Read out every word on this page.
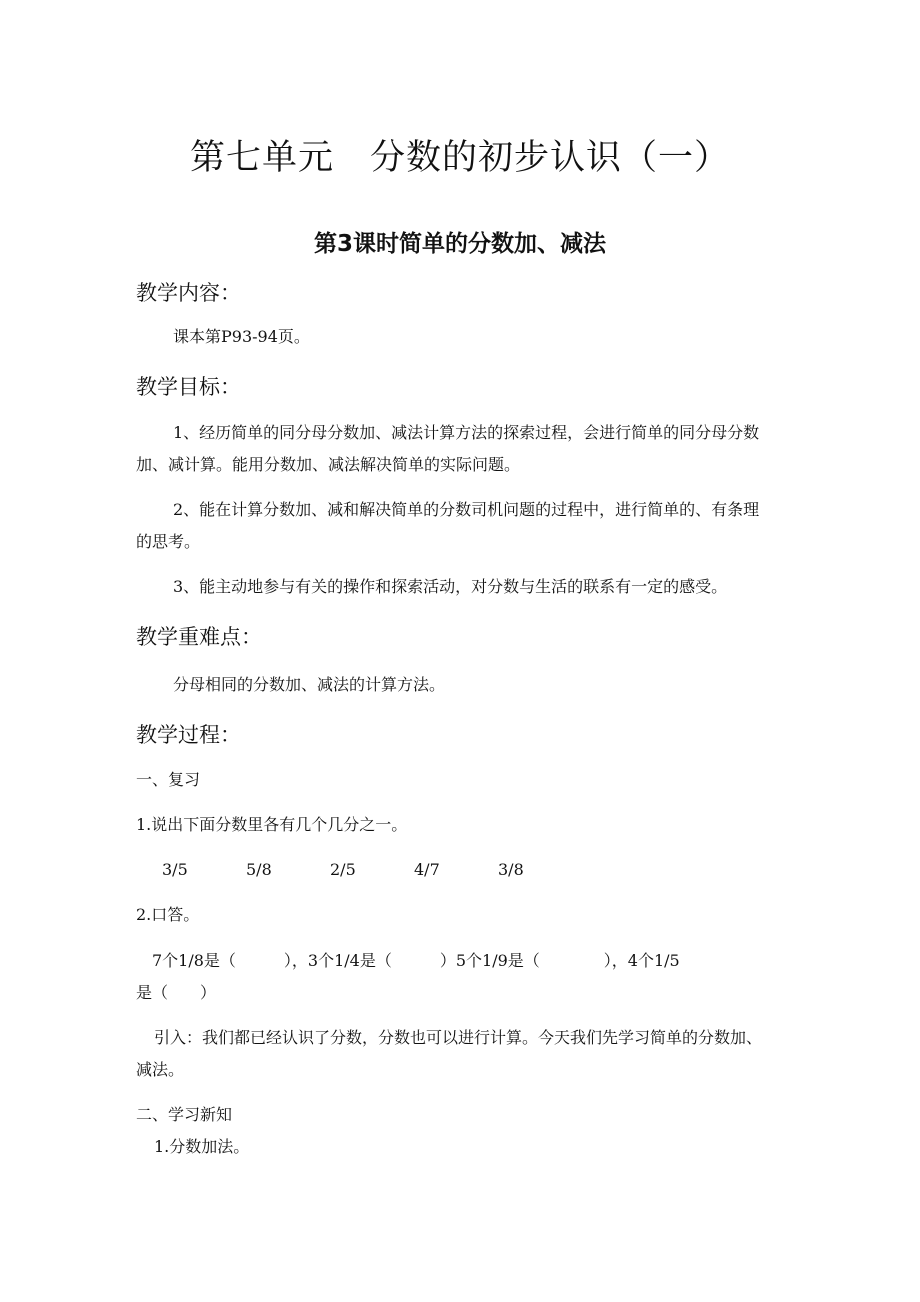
第七单元　分数的初步认识（一）
第3课时简单的分数加、减法
教学内容：
课本第P93-94页。
教学目标：
1、经历简单的同分母分数加、减法计算方法的探索过程，会进行简单的同分母分数
加、减计算。能用分数加、减法解决简单的实际问题。
2、能在计算分数加、减和解决简单的分数司机问题的过程中，进行简单的、有条理
的思考。
3、能主动地参与有关的操作和探索活动，对分数与生活的联系有一定的感受。
教学重难点：
分母相同的分数加、减法的计算方法。
教学过程：
一、复习
1.说出下面分数里各有几个几分之一。
3/5	5/8	2/5	4/7	3/8
2.口答。
7个1/8是（　　　），3个1/4是（　　　）5个1/9是（　　　　），4个1/5
是（　　）
引入：我们都已经认识了分数，分数也可以进行计算。今天我们先学习简单的分数加、
减法。
二、学习新知
1.分数加法。
